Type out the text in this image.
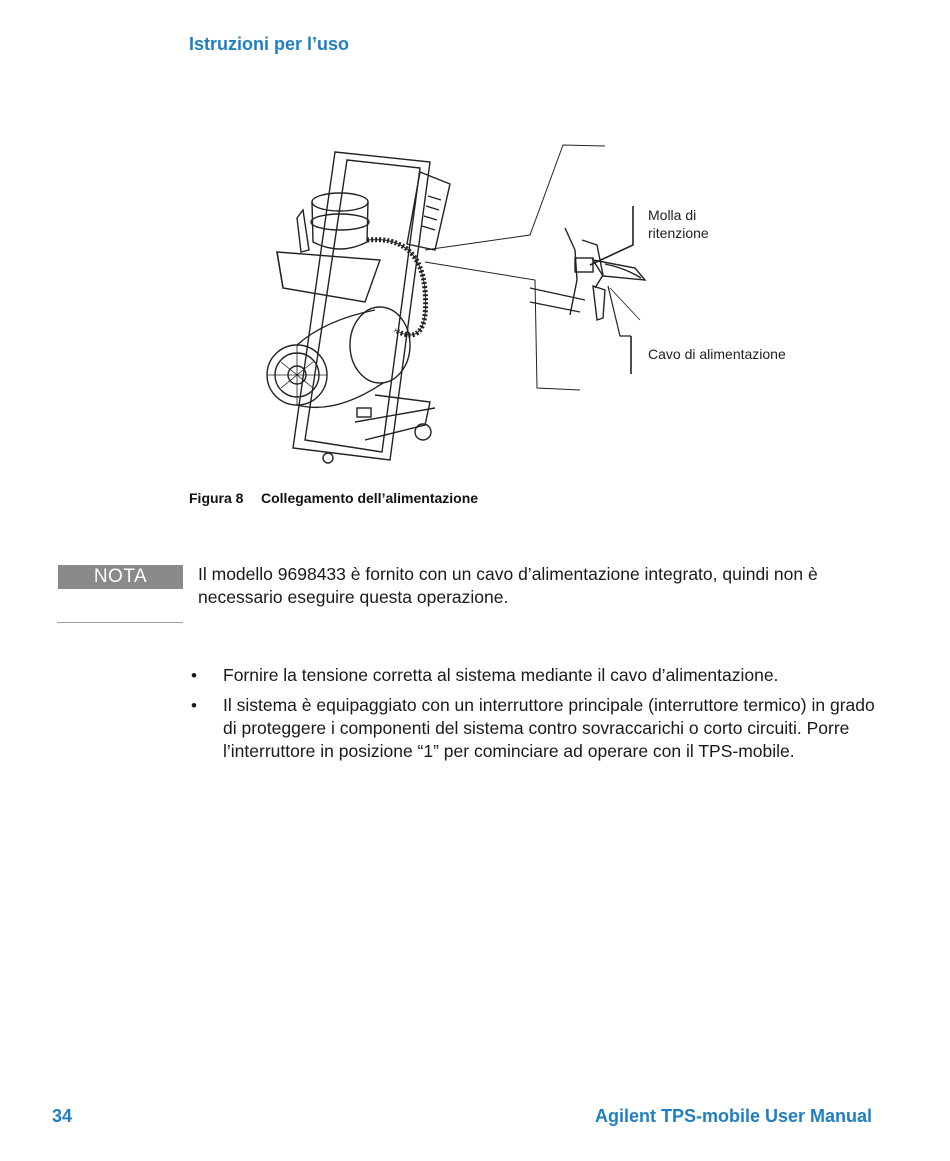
Istruzioni per l’uso
Molla di
ritenzione
Cavo di alimentazione
Figura 8 Collegamento dell’alimentazione
NOTA	Il modello 9698433 è fornito con un cavo d’alimentazione integrato, quindi non è necessario eseguire questa operazione.

• Fornire la tensione corretta al sistema mediante il cavo d’alimentazione.
• Il sistema è equipaggiato con un interruttore principale (interruttore termico) in grado di proteggere i componenti del sistema contro sovraccarichi o corto circuiti. Porre l’interruttore in posizione “1” per cominciare ad operare con il TPS-mobile.
34	Agilent TPS-mobile User Manual
